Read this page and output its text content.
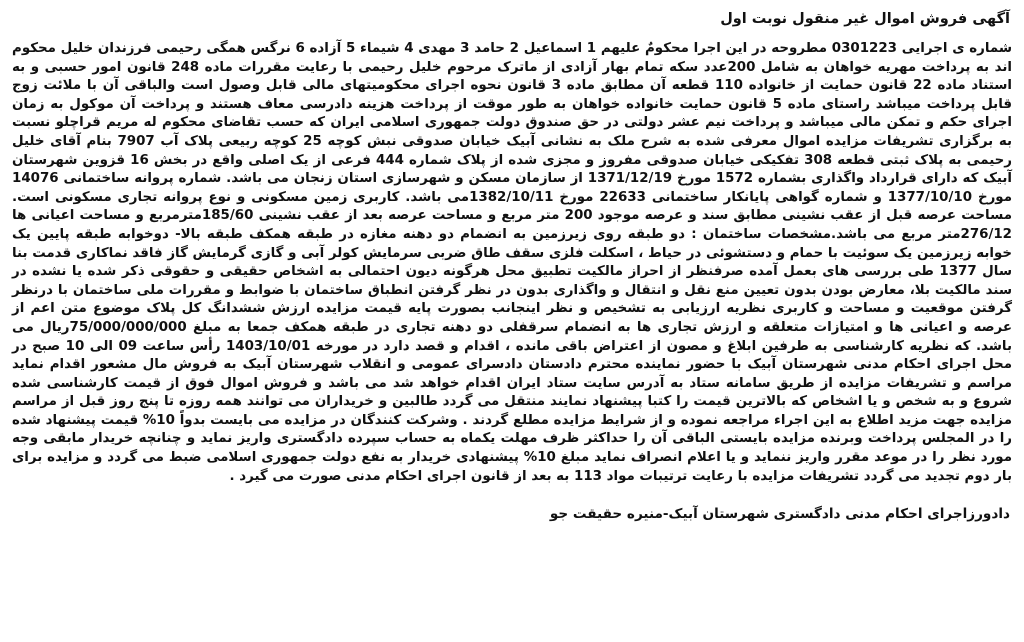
آگهی فروش اموال غیر منقول نوبت اول

شماره ی اجرایی 0301223 مطروحه در این اجرا محکومٌ علیهم 1 اسماعیل 2 حامد 3 مهدی 4 شیماء 5 آزاده 6 نرگس همگی رحیمی فرزندان خلیل محکوم اند به پرداخت مهریه خواهان به شامل 200عدد سکه تمام بهار آزادی از ماترک مرحوم خلیل رحیمی با رعایت مقررات ماده 248 قانون امور حسبی و به استناد ماده 22 قانون حمایت از خانواده 110 قطعه آن مطابق ماده 3 قانون نحوه اجرای محکومیتهای مالی قابل وصول است والباقی آن با ملائت زوج قابل پرداخت میباشد راستای ماده 5 قانون حمایت خانواده خواهان به طور موقت از پرداخت هزینه دادرسی معاف هستند و پرداخت آن موکول به زمان اجرای حکم و تمکن مالی میباشد و پرداخت نیم عشر دولتی در حق صندوق دولت جمهوری اسلامی ایران که حسب تقاضای محکوم له مریم قراچلو نسبت به برگزاری تشریفات مزایده اموال معرفی شده به شرح ملک به نشانی آبیک خیابان صدوقی نبش کوچه 25 کوچه ربیعی پلاک آب 7907 بنام آقای خلیل رحیمی به پلاک ثبتی قطعه 308 تفکیکی خیابان صدوقی مفروز و مجزی شده از پلاک شماره 444 فرعی از یک اصلی واقع در بخش 16 قزوین شهرستان آبیک که دارای قرارداد واگذاری بشماره 1572 مورخ 1371/12/19 از سازمان مسکن و شهرسازی استان زنجان می باشد. شماره پروانه ساختمانی 14076 مورخ 1377/10/10 و شماره گواهی پایانکار ساختمانی 22633 مورخ 1382/10/11می باشد. کاربری زمین مسکونی و نوع پروانه تجاری مسکونی است. مساحت عرصه قبل از عقب نشینی مطابق سند و عرصه موجود 200 متر مربع و مساحت عرصه بعد از عقب نشینی 185/60مترمربع و مساحت اعیانی ها 276/12متر مربع می باشد.مشخصات ساختمان : دو طبقه روی زیرزمین به انضمام دو دهنه مغازه در طبقه همکف طبقه بالا- دوخوابه طبقه پایین یک خوابه زیرزمین یک سوئیت با حمام و دستشوئی در حیاط ، اسکلت فلزی سقف طاق ضربی سرمایش کولر آبی و گازی گرمایش گاز فاقد نماکاری قدمت بنا سال 1377 طی بررسی های بعمل آمده صرفنظر از احراز مالکیت تطبیق محل هرگونه دیون احتمالی به اشخاص حقیقی و حقوقی ذکر شده یا نشده در سند مالکیت بلا، معارض بودن بدون تعیین منع نقل و انتقال و واگذاری بدون در نظر گرفتن انطباق ساختمان با ضوابط و مقررات ملی ساختمان با درنظر گرفتن موقعیت و مساحت و کاربری نظریه ارزیابی به تشخیص و نظر اینجانب بصورت پایه قیمت مزایده ارزش ششدانگ کل پلاک موضوع متن اعم از عرصه و اعیانی ها و امتیازات متعلقه و ارزش تجاری ها به انضمام سرقفلی دو دهنه تجاری در طبقه همکف جمعا به مبلغ 75/000/000/000ریال می باشد. که نظریه کارشناسی به طرفین ابلاغ و مصون از اعتراض باقی مانده ، اقدام و قصد دارد در مورخه 1403/10/01 رأس ساعت 09 الی 10 صبح در محل اجرای احکام مدنی شهرستان آبیک با حضور نماینده محترم دادستان دادسرای عمومی و انقلاب شهرستان آبیک به فروش مال مشعور اقدام نماید مراسم و تشریفات مزایده از طریق سامانه ستاد به آدرس سایت ستاد ایران اقدام خواهد شد می باشد و فروش اموال فوق از قیمت کارشناسی شده شروع و به شخص و یا اشخاص که بالاترین قیمت را کتبا پیشنهاد نمایند منتقل می گردد طالبین و خریداران می توانند همه روزه تا پنج روز قبل از مراسم مزایده جهت مزید اطلاع به این اجراء مراجعه نموده و از شرایط مزایده مطلع گردند . وشرکت کنندگان در مزایده می بایست بدواً 10% قیمت پیشنهاد شده را در المجلس پرداخت وبرنده مزایده بایستی الباقی آن را حداکثر ظرف مهلت یکماه به حساب سپرده دادگستری واریز نماید و چنانچه خریدار مابقی وجه مورد نظر را در موعد مقرر واریز ننماید و یا اعلام انصراف نماید مبلغ 10% پیشنهادی خریدار به نفع دولت جمهوری اسلامی ضبط می گردد و مزایده برای بار دوم تجدید می گردد تشریفات مزایده با رعایت ترتیبات مواد 113 به بعد از قانون اجرای احکام مدنی صورت می گیرد .

دادورزاجرای احکام مدنی دادگستری شهرستان آبیک-منیره حقیقت جو
